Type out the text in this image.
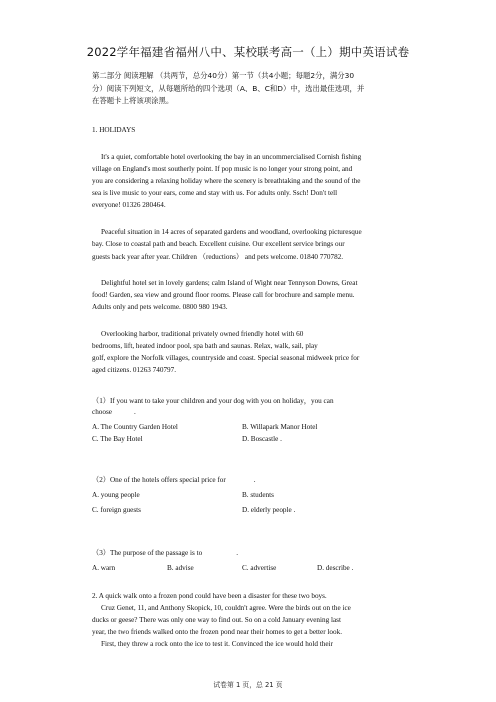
2022学年福建省福州八中、某校联考高一（上）期中英语试卷
第二部分 阅读理解 （共两节，总分40分）第一节（共4小题；每题2分，满分30
分）阅读下列短文，从每题所给的四个选项（A、B、C和D）中，选出最佳选项，并
在答题卡上将该项涂黑。
1. HOLIDAYS
It's a quiet, comfortable hotel overlooking the bay in an uncommercialised Cornish fishing
village on England's most southerly point. If pop music is no longer your strong point, and
you are considering a relaxing holiday where the scenery is breathtaking and the sound of the
sea is live music to your ears, come and stay with us. For adults only. Ssch! Don't tell
everyone! 01326 280464.
Peaceful situation in 14 acres of separated gardens and woodland, overlooking picturesque
bay. Close to coastal path and beach. Excellent cuisine. Our excellent service brings our
guests back year after year. Children （reductions） and pets welcome. 01840 770782.
Delightful hotel set in lovely gardens; calm Island of Wight near Tennyson Downs, Great
food! Garden, sea view and ground floor rooms. Please call for brochure and sample menu.
Adults only and pets welcome. 0800 980 1943.
Overlooking harbor, traditional privately owned friendly hotel with 60
bedrooms, lift, heated indoor pool, spa bath and saunas. Relax, walk, sail, play
golf, explore the Norfolk villages, countryside and coast. Special seasonal midweek price for
aged citizens. 01263 740797.
（1）If you want to take your children and your dog with you on holiday，you can
choose	.
A. The Country Garden Hotel	B. Willapark Manor Hotel
C. The Bay Hotel	D. Boscastle .
（2）One of the hotels offers special price for	.
A. young people	B. students
C. foreign guests	D. elderly people .
（3）The purpose of the passage is to	.
A. warn	B. advise	C. advertise	D. describe .
2. A quick walk onto a frozen pond could have been a disaster for these two boys.
Cruz Genet, 11, and Anthony Skopick, 10, couldn't agree. Were the birds out on the ice
ducks or geese? There was only one way to find out. So on a cold January evening last
year, the two friends walked onto the frozen pond near their homes to get a better look.
First, they threw a rock onto the ice to test it. Convinced the ice would hold their
试卷第 1 页，总 21 页
